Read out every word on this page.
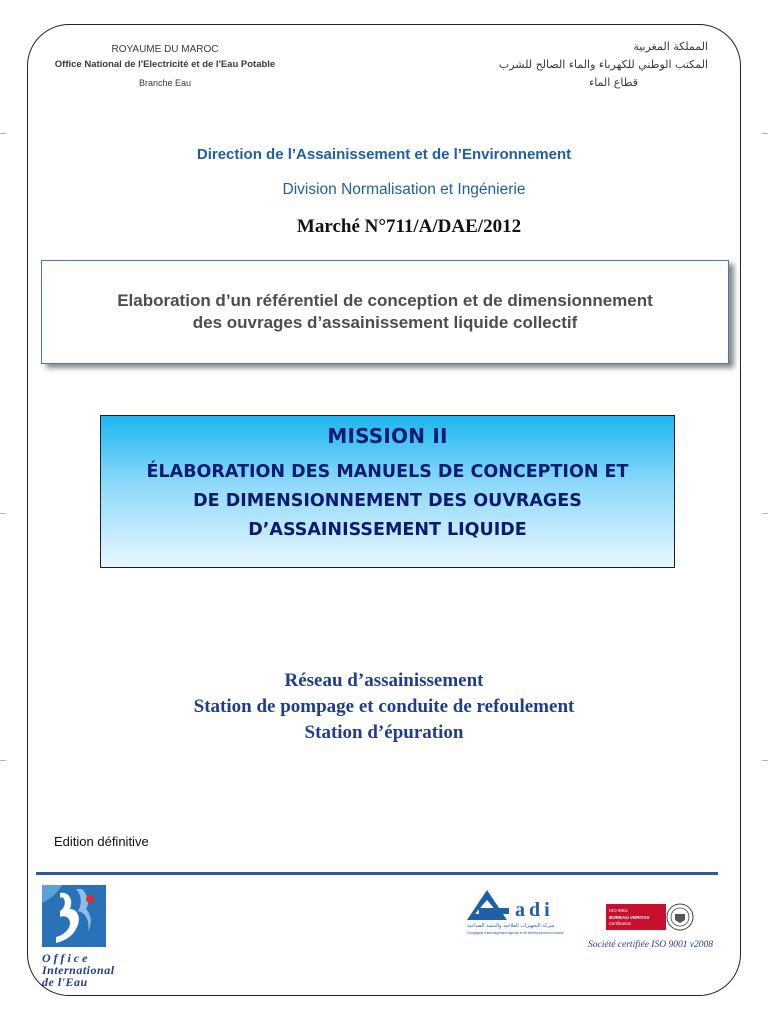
ROYAUME DU MAROC
Office National de l'Electricité et de l'Eau Potable
Branche Eau
المملكة المغربية
المكتب الوطني للكهرباء والماء الصالح للشرب
قطاع الماء
Direction de l’Assainissement et de l’Environnement
Division Normalisation et Ingénierie
Marché N°711/A/DAE/2012
Elaboration d’un référentiel de conception et de dimensionnement
des ouvrages d’assainissement liquide collectif
MISSION II
ÉLABORATION DES MANUELS DE CONCEPTION ET
DE DIMENSIONNEMENT DES OUVRAGES
D’ASSAINISSEMENT LIQUIDE
Réseau d’assainissement
Station de pompage et conduite de refoulement
Station d’épuration
Edition définitive
Office
International
de l'Eau
adi
شركة التجهيزات الفلاحية والتنمية الصناعية
Compagnie d'aménagement agricole et de développement industriel
ISO 9001
BUREAU VERITAS
Certification
Société certifiée ISO 9001 v2008
